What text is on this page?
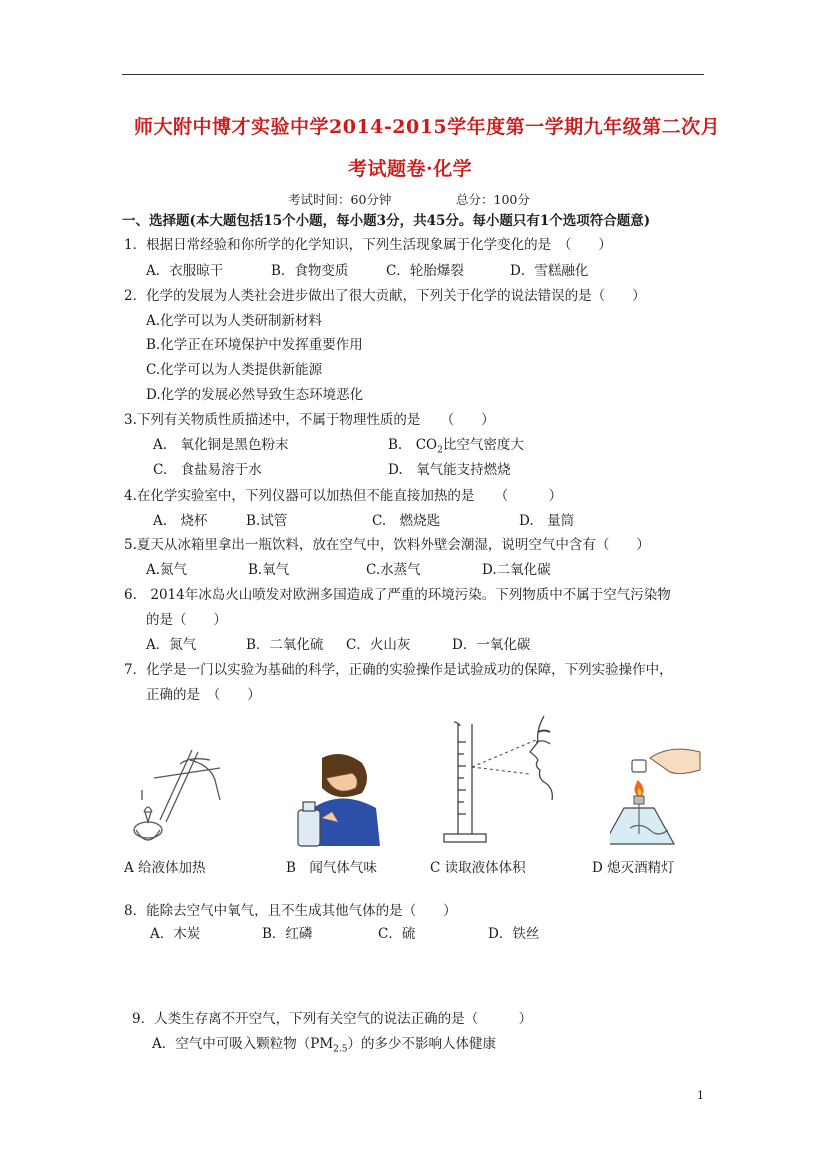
师大附中博才实验中学2014-2015学年度第一学期九年级第二次月
考试题卷·化学
考试时间：60分钟	总分：100分
一、选择题(本大题包括15个小题，每小题3分，共45分。每小题只有1个选项符合题意)
1．根据日常经验和你所学的化学知识，下列生活现象属于化学变化的是　（　　）
A．衣服晾干	B．食物变质	C．轮胎爆裂	D．雪糕融化
2．化学的发展为人类社会进步做出了很大贡献，下列关于化学的说法错误的是（　　）
A.化学可以为人类研制新材料
B.化学正在环境保护中发挥重要作用
C.化学可以为人类提供新能源
D.化学的发展必然导致生态环境恶化
3.下列有关物质性质描述中，不属于物理性质的是　　（　　）
A.　氧化铜是黑色粉末	B.　$CO_2$比空气密度大
C.　食盐易溶于水	D.　氧气能支持燃烧
4.在化学实验室中，下列仪器可以加热但不能直接加热的是　　（　　　）
A.　烧杯	B.试管	C.　燃烧匙	D.　量筒
5.夏天从冰箱里拿出一瓶饮料，放在空气中，饮料外壁会潮湿，说明空气中含有（　　）
A.氮气	B.氧气	C.水蒸气	D.二氧化碳
6.　2014年冰岛火山喷发对欧洲多国造成了严重的环境污染。下列物质中不属于空气污染物
的是（　　）
A．氮气	B．二氧化硫 C．火山灰	D．一氧化碳
7．化学是一门以实验为基础的科学，正确的实验操作是试验成功的保障，下列实验操作中，
正确的是　（　　）
A 给液体加热	B　闻气体气味	C 读取液体体积	D 熄灭酒精灯
8．能除去空气中氧气，且不生成其他气体的是（　　）
A．木炭	B．红磷	C．硫	D．铁丝
9．人类生存离不开空气，下列有关空气的说法正确的是（　　　）
A．空气中可吸入颗粒物$(PM_{2.5})$的多少不影响人体健康
1
